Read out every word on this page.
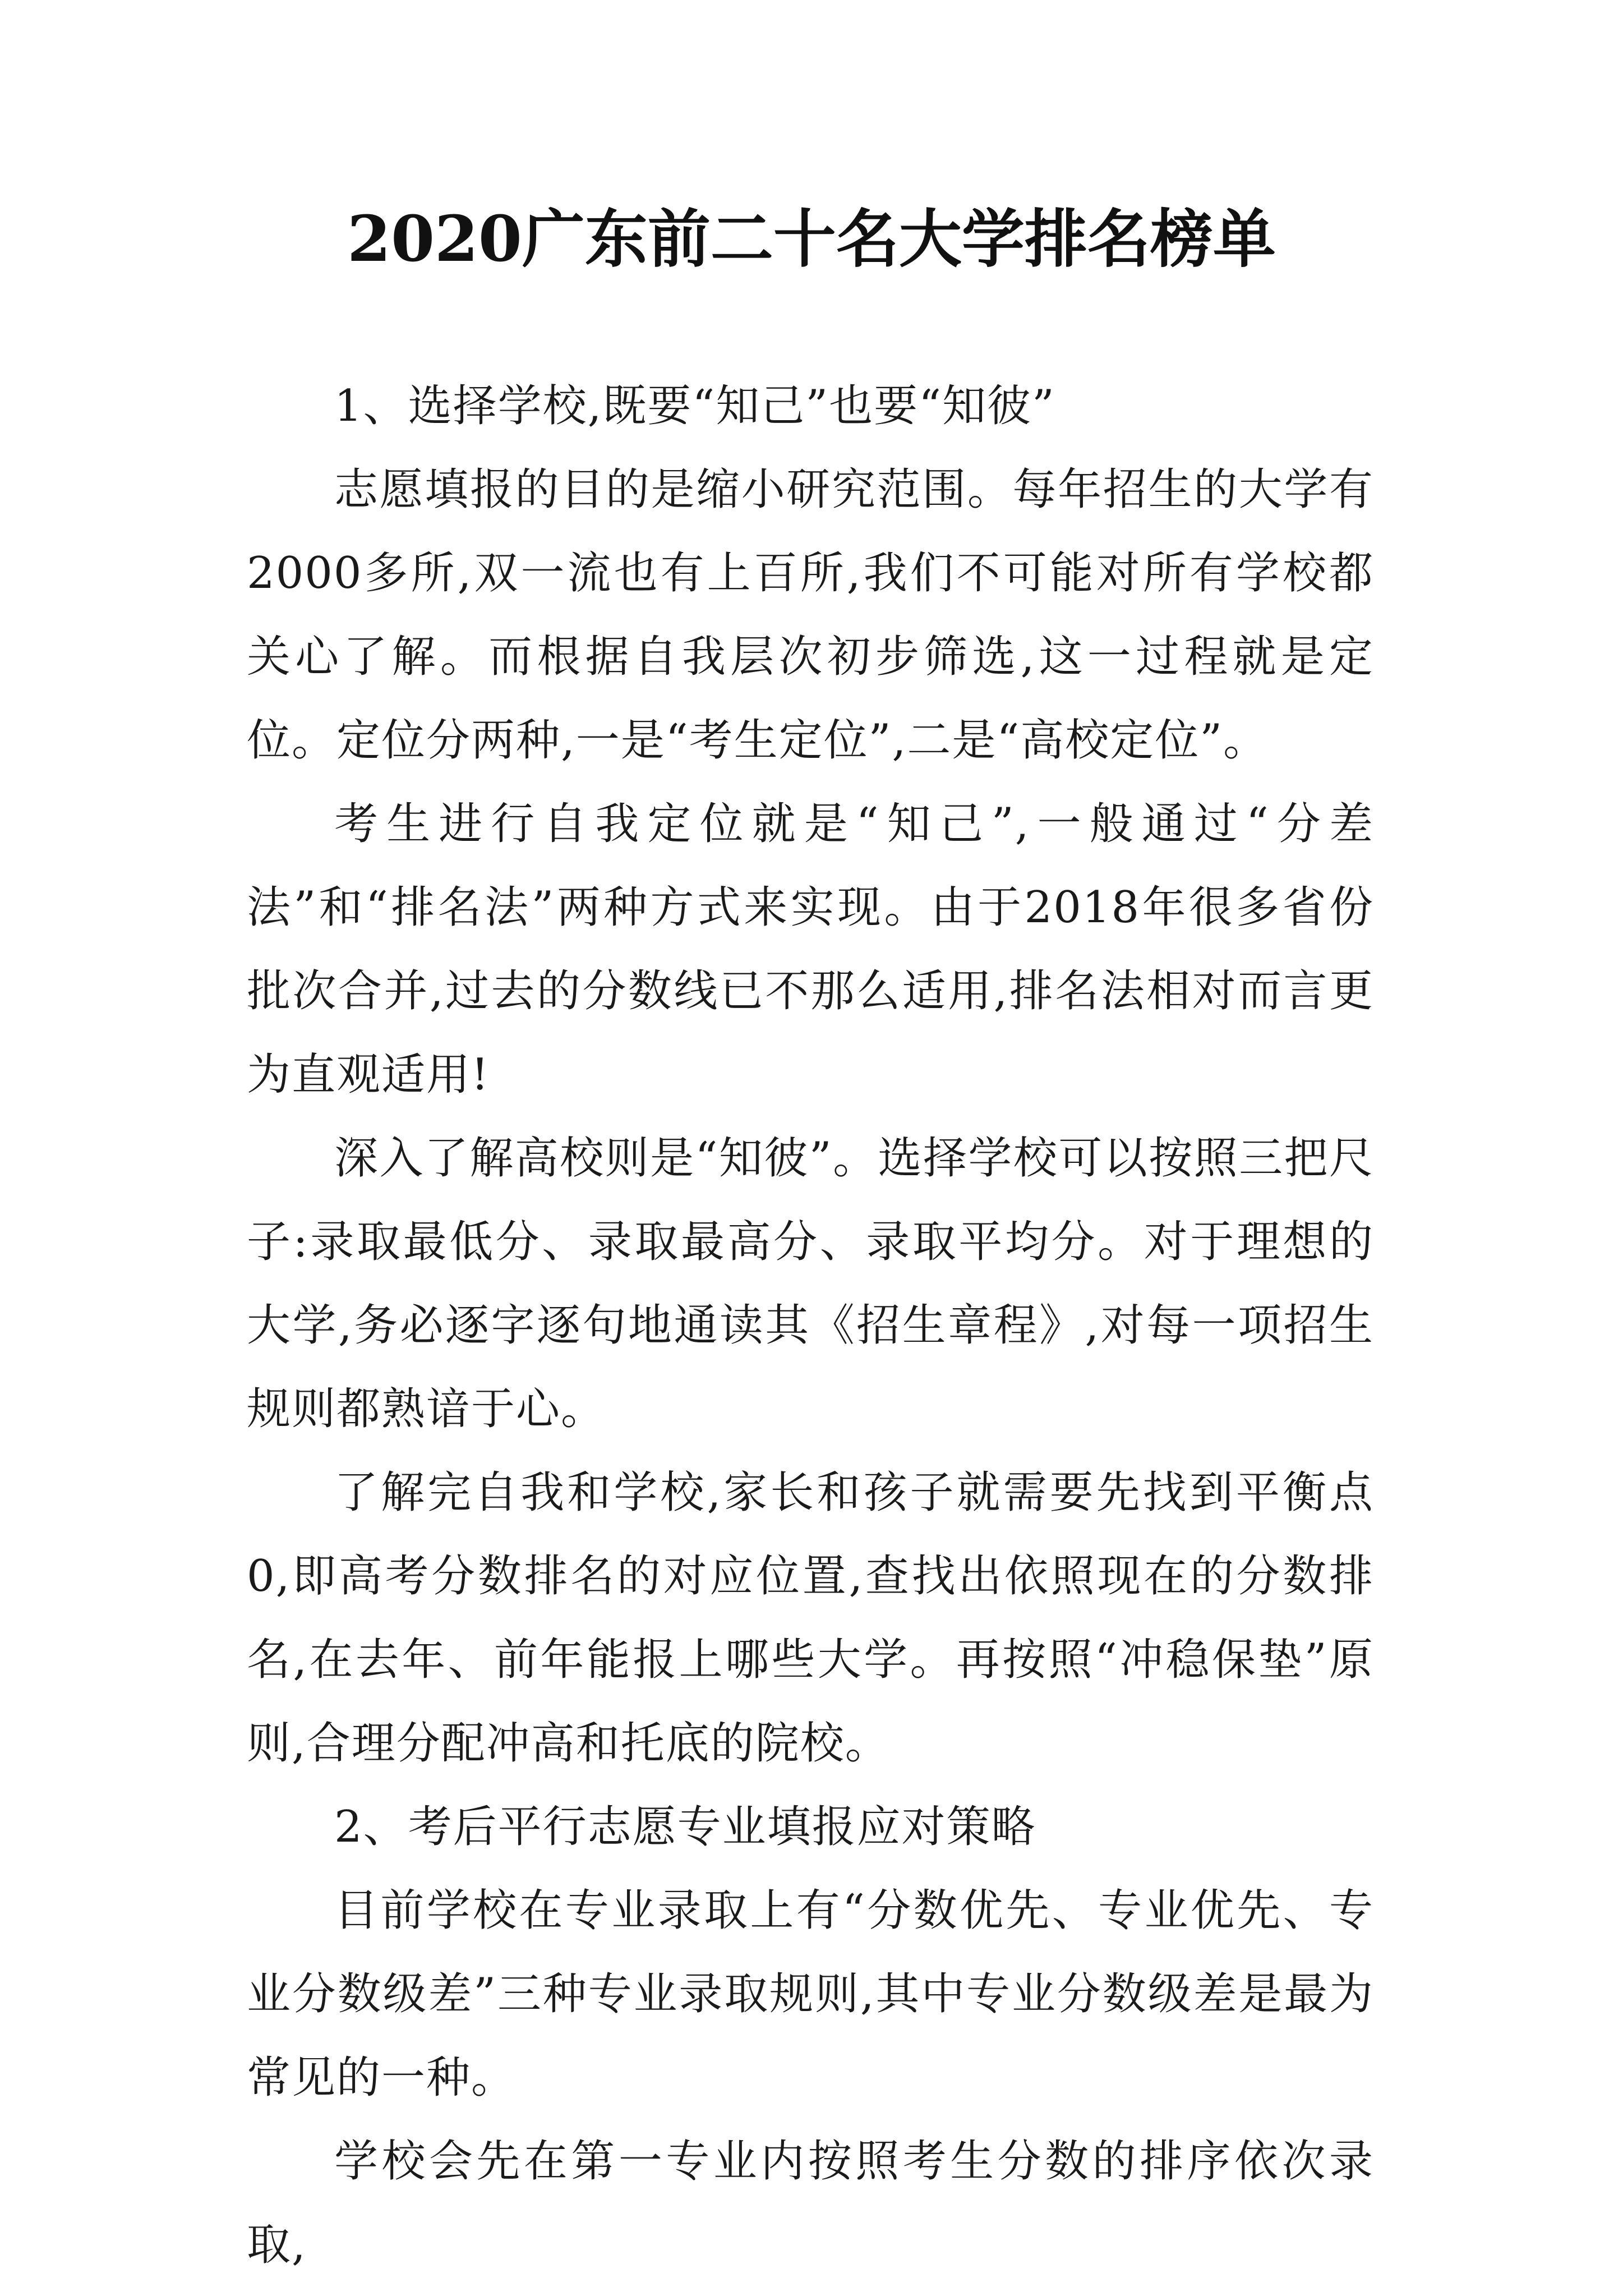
2020广东前二十名大学排名榜单

1、选择学校,既要“知己”也要“知彼”

志愿填报的目的是缩小研究范围。每年招生的大学有2000多所,双一流也有上百所,我们不可能对所有学校都关心了解。而根据自我层次初步筛选,这一过程就是定位。定位分两种,一是“考生定位”,二是“高校定位”。

考生进行自我定位就是“知己”,一般通过“分差法”和“排名法”两种方式来实现。由于2018年很多省份批次合并,过去的分数线已不那么适用,排名法相对而言更为直观适用!

深入了解高校则是“知彼”。选择学校可以按照三把尺子:录取最低分、录取最高分、录取平均分。对于理想的大学,务必逐字逐句地通读其《招生章程》,对每一项招生规则都熟谙于心。

了解完自我和学校,家长和孩子就需要先找到平衡点0,即高考分数排名的对应位置,查找出依照现在的分数排名,在去年、前年能报上哪些大学。再按照“冲稳保垫”原则,合理分配冲高和托底的院校。

2、考后平行志愿专业填报应对策略

目前学校在专业录取上有“分数优先、专业优先、专业分数级差”三种专业录取规则,其中专业分数级差是最为常见的一种。

学校会先在第一专业内按照考生分数的排序依次录取,
